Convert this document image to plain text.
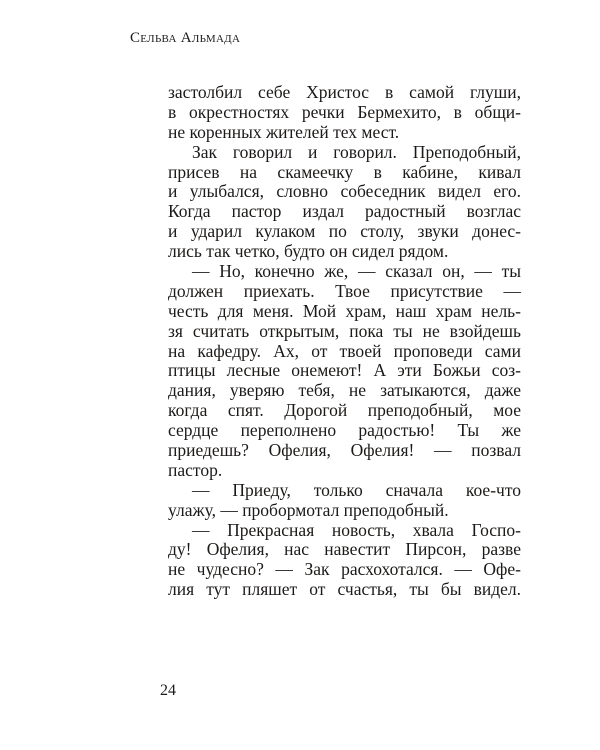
Сельва Альмада
застолбил себе Христос в самой глуши,
в окрестностях речки Бермехито, в общи-
не коренных жителей тех мест.
Зак говорил и говорил. Преподобный,
присев на скамеечку в кабине, кивал
и улыбался, словно собеседник видел его.
Когда пастор издал радостный возглас
и ударил кулаком по столу, звуки донес-
лись так четко, будто он сидел рядом.
— Но, конечно же, — сказал он, — ты
должен приехать. Твое присутствие —
честь для меня. Мой храм, наш храм нель-
зя считать открытым, пока ты не взойдешь
на кафедру. Ах, от твоей проповеди сами
птицы лесные онемеют! А эти Божьи соз-
дания, уверяю тебя, не затыкаются, даже
когда спят. Дорогой преподобный, мое
сердце переполнено радостью! Ты же
приедешь? Офелия, Офелия! — позвал
пастор.
— Приеду, только сначала кое-что
улажу, — пробормотал преподобный.
— Прекрасная новость, хвала Госпо-
ду! Офелия, нас навестит Пирсон, разве
не чудесно? — Зак расхохотался. — Офе-
лия тут пляшет от счастья, ты бы видел.
24
